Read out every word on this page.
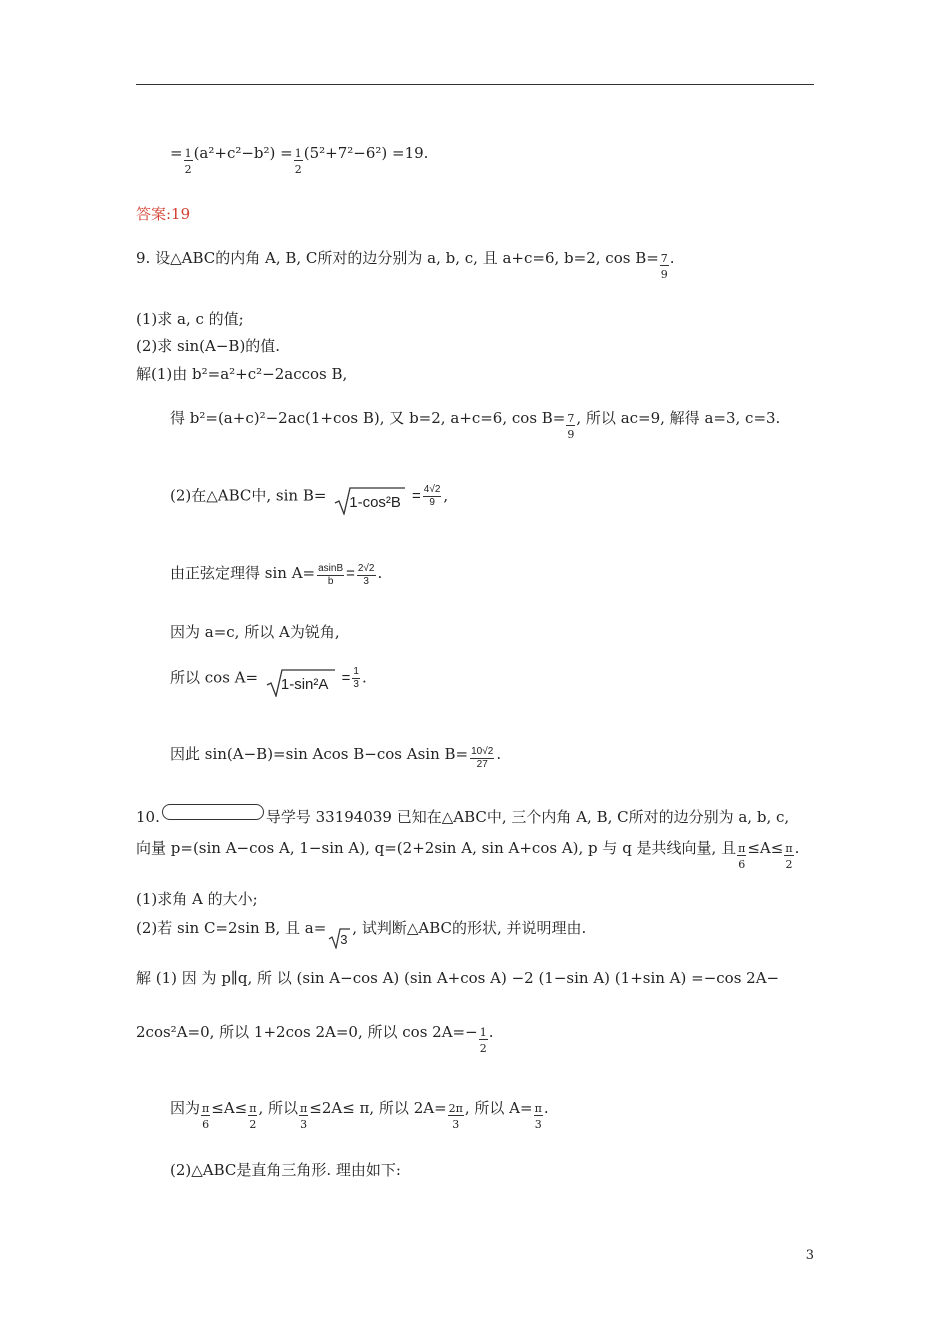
= $\frac{1}{2} (a^2+c^2-b^2) = \frac{1}{2} (5^2+7^2-6^2) =19$.
答案:19
9. 设△ABC的内角 A, B, C所对的边分别为 a, b, c, 且 a+c=6, b=2, $\cos B= \frac{7}{9}$ .
(1)求 a, c 的值;
(2)求 sin(A−B)的值.
解(1)由 b²=a²+c²−2accos B,
得 b²=(a+c)²−2ac(1+cos B), 又 b=2, a+c=6, $\cos B= \frac{7}{9}$ , 所以 ac=9, 解得 a=3, c=3.
(2)在△ABC中, $\sin B= 1-\cos^2B = \frac{4√2}{9}$ ,
由正弦定理得 $\sin A= \frac{asinB}{b} = \frac{2√2}{3}$ .
因为 a=c, 所以 A为锐角,
所以 $\cos A= 1-\sin^2A = \frac{1}{3}$ .
因此 sin(A−B)=sin Acos B−cos Asin $B= \frac{10√2}{27}$ .
10.	导学号 33194039 已知在△ABC中, 三个内角 A, B, C所对的边分别为 a, b, c,
向量 p=(sin A−cos A, 1−sin A), q=(2+2sin A, sin A+cos A), p 与 q 是共线向量, 且 $\frac{\pi}{6} \le A\le \frac{\pi}{2}$ .
(1)求角 A 的大小;
(2)若 sin C=2sin B, 且 a=
3
, 试判断△ABC的形状, 并说明理由.
解 (1) 因 为 p∥q, 所 以 (sin A−cos A) (sin A+cos A) −2 (1−sin A) (1+sin A) =−cos 2A−
2cos²A=0, 所以 1+2cos 2A=0, 所以 $\cos 2A=- \frac{1}{2}$ .
因为 $\frac{\pi}{6} \le A\le \frac{\pi}{2}$ , 所以 $\frac{\pi}{3} \le 2A\le \pi$, 所以 $2A= \frac{2\pi}{3}$ , 所以 $A= \frac{\pi}{3}$ .
(2)△ABC是直角三角形. 理由如下:
3
